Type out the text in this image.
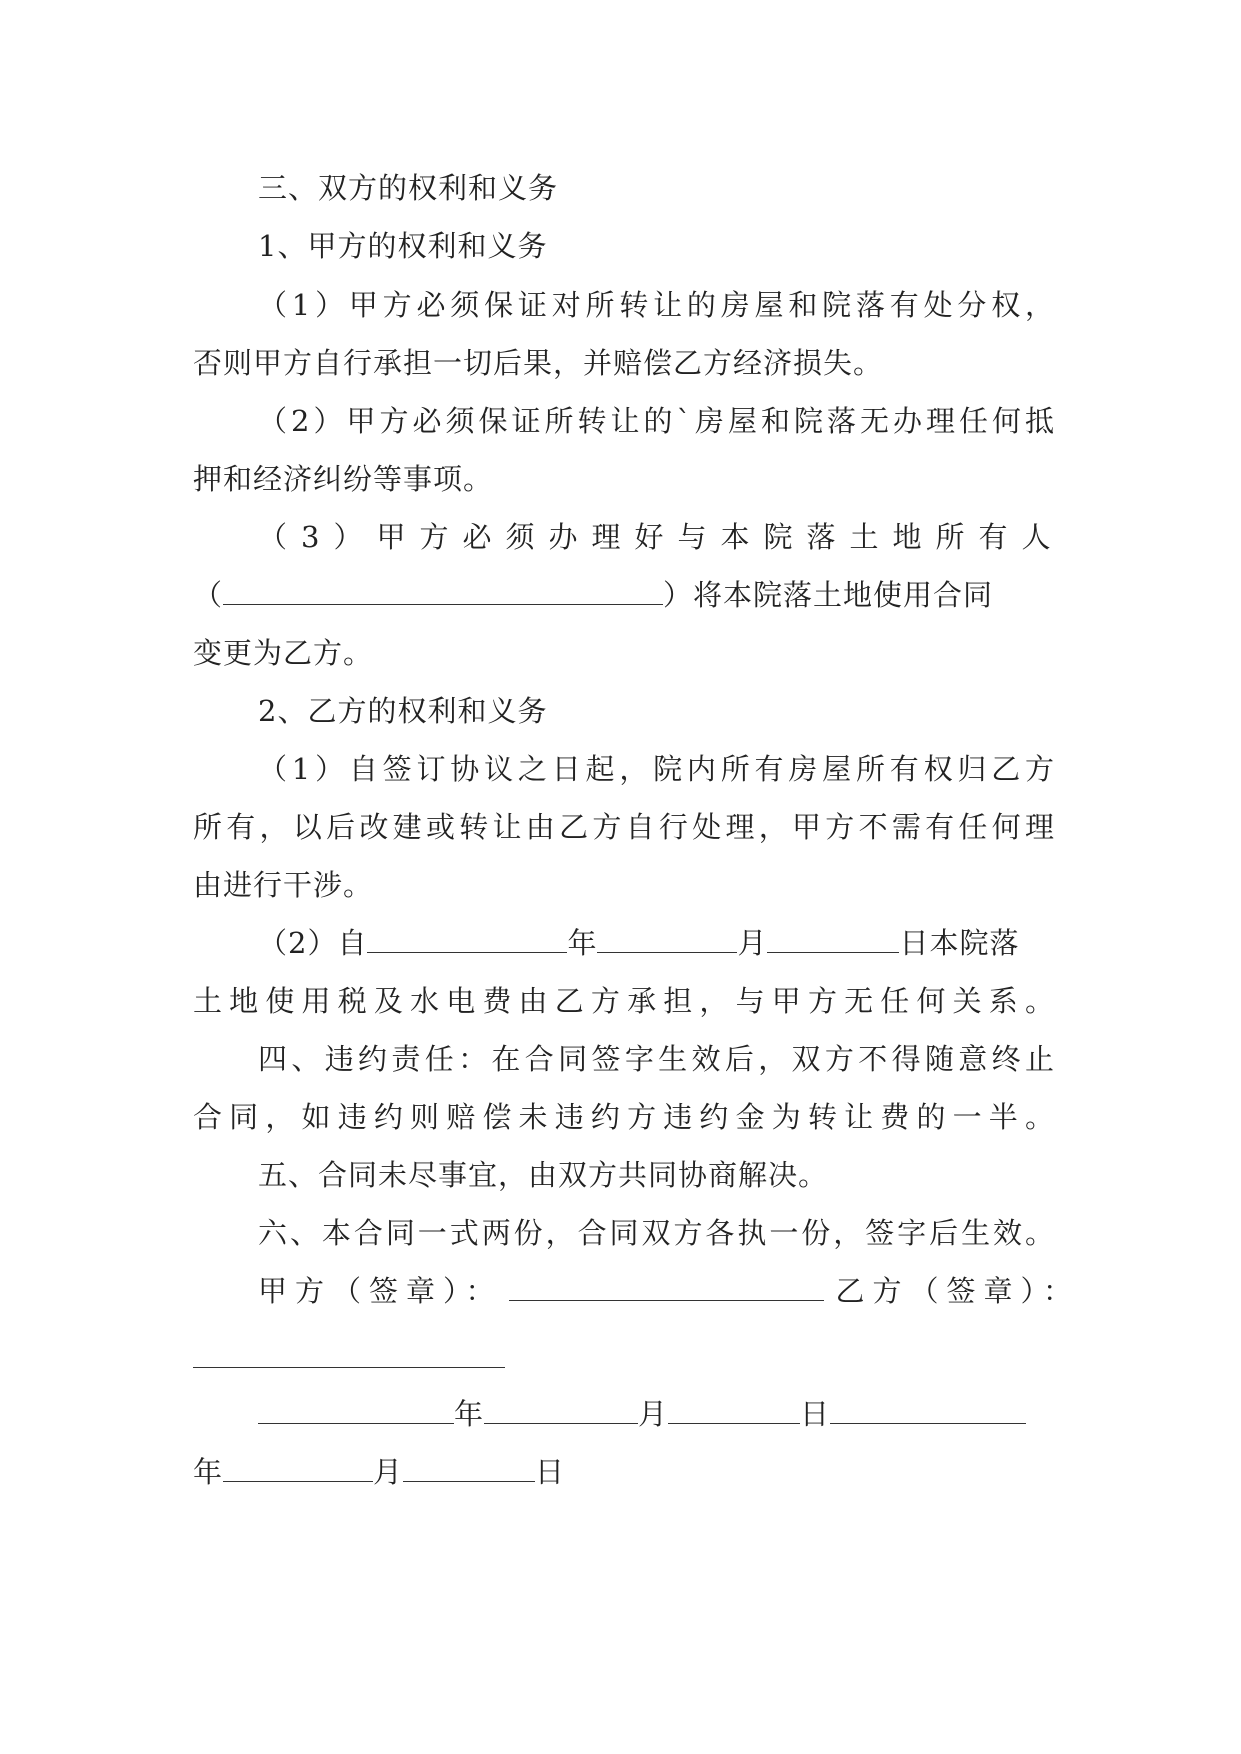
三、双方的权利和义务
1、甲方的权利和义务
（1）甲方必须保证对所转让的房屋和院落有处分权，
否则甲方自行承担一切后果，并赔偿乙方经济损失。
（2）甲方必须保证所转让的`房屋和院落无办理任何抵
押和经济纠纷等事项。
（3）甲方必须办理好与本院落土地所有人
（	）将本院落土地使用合同
变更为乙方。
2、乙方的权利和义务
（1）自签订协议之日起，院内所有房屋所有权归乙方
所有，以后改建或转让由乙方自行处理，甲方不需有任何理
由进行干涉。
（2）自	年	月	日本院落
土地使用税及水电费由乙方承担，与甲方无任何关系。
四、违约责任：在合同签字生效后，双方不得随意终止
合同，如违约则赔偿未违约方违约金为转让费的一半。
五、合同未尽事宜，由双方共同协商解决。
六、本合同一式两份，合同双方各执一份，签字后生效。
甲方（签章）：	乙方（签章）：
年	月	日
年	月	日
